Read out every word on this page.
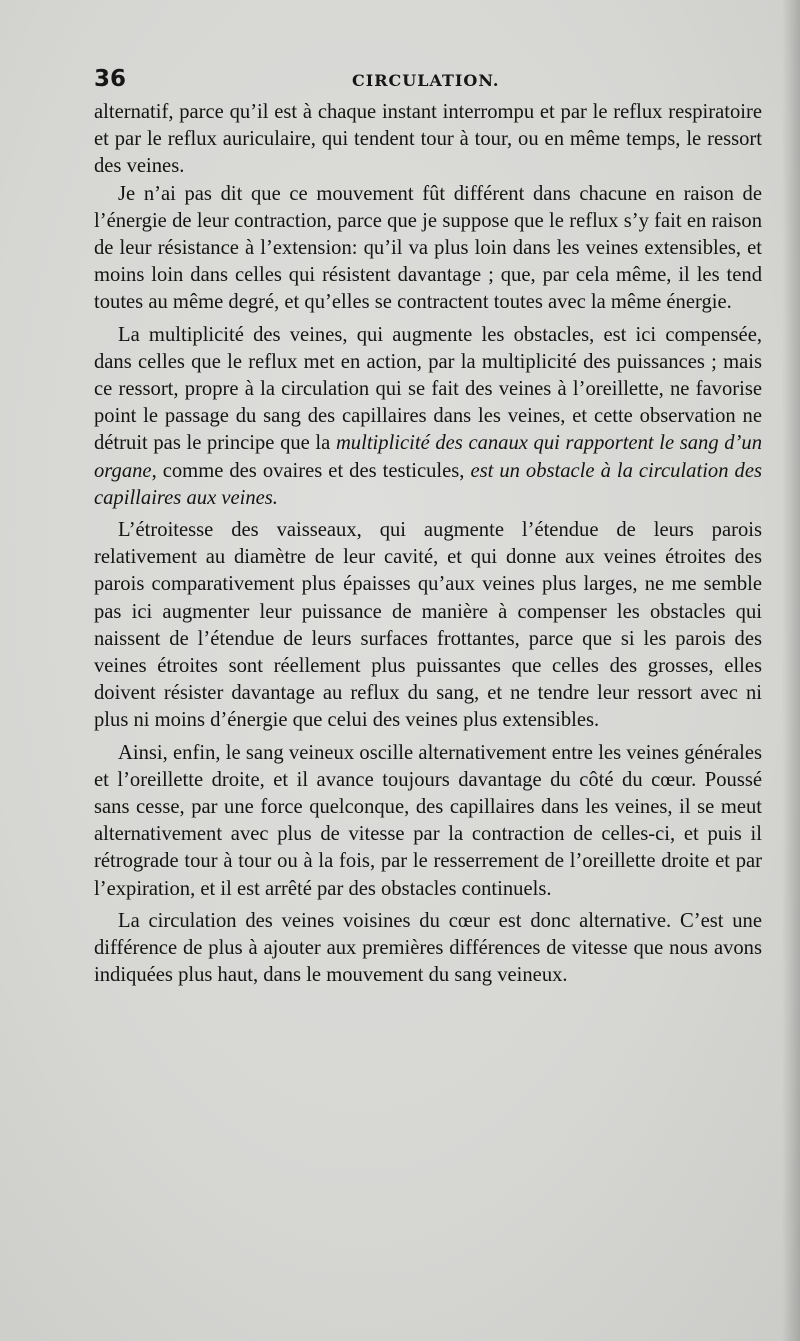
36	CIRCULATION.

alternatif, parce qu’il est à chaque instant interrompu et par le reflux respiratoire et par le reflux auriculaire, qui tendent tour à tour, ou en même temps, le ressort des veines.

Je n’ai pas dit que ce mouvement fût différent dans chacune en raison de l’énergie de leur contraction, parce que je suppose que le reflux s’y fait en raison de leur résistance à l’extension: qu’il va plus loin dans les veines extensibles, et moins loin dans celles qui résistent davantage ; que, par cela même, il les tend toutes au même degré, et qu’elles se contractent toutes avec la même énergie.

La multiplicité des veines, qui augmente les obstacles, est ici compensée, dans celles que le reflux met en action, par la multiplicité des puissances ; mais ce ressort, propre à la circulation qui se fait des veines à l’oreillette, ne favorise point le passage du sang des capillaires dans les veines, et cette observation ne détruit pas le principe que la multiplicité des canaux qui rapportent le sang d’un organe, comme des ovaires et des testicules, est un obstacle à la circulation des capillaires aux veines.

L’étroitesse des vaisseaux, qui augmente l’étendue de leurs parois relativement au diamètre de leur cavité, et qui donne aux veines étroites des parois comparativement plus épaisses qu’aux veines plus larges, ne me semble pas ici augmenter leur puissance de manière à compenser les obstacles qui naissent de l’étendue de leurs surfaces frottantes, parce que si les parois des veines étroites sont réellement plus puissantes que celles des grosses, elles doivent résister davantage au reflux du sang, et ne tendre leur ressort avec ni plus ni moins d’énergie que celui des veines plus extensibles.

Ainsi, enfin, le sang veineux oscille alternativement entre les veines générales et l’oreillette droite, et il avance toujours davantage du côté du cœur. Poussé sans cesse, par une force quelconque, des capillaires dans les veines, il se meut alternativement avec plus de vitesse par la contraction de celles-ci, et puis il rétrograde tour à tour ou à la fois, par le resserrement de l’oreillette droite et par l’expiration, et il est arrêté par des obstacles continuels.

La circulation des veines voisines du cœur est donc alternative. C’est une différence de plus à ajouter aux premières différences de vitesse que nous avons indiquées plus haut, dans le mouvement du sang veineux.
